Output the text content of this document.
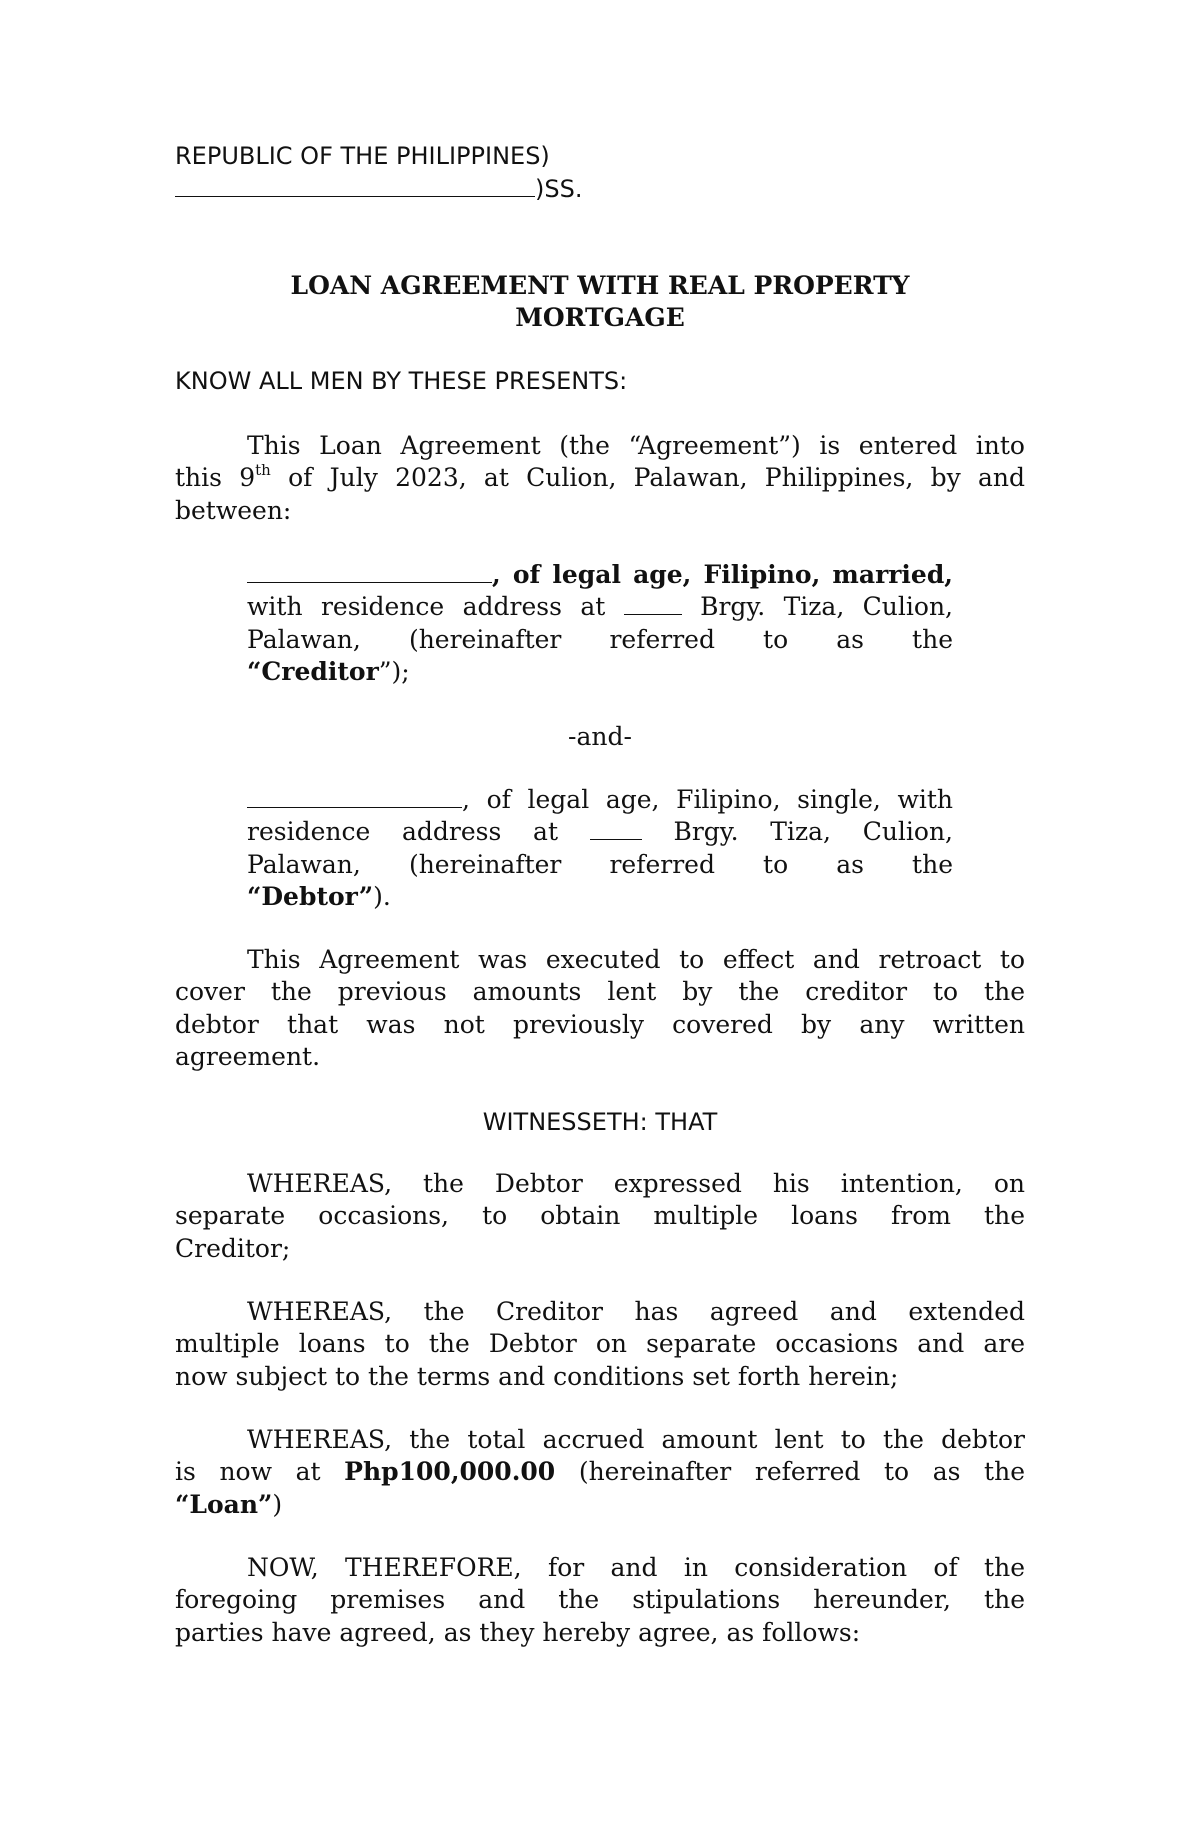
REPUBLIC OF THE PHILIPPINES)
)SS.
LOAN AGREEMENT WITH REAL PROPERTY
MORTGAGE
KNOW ALL MEN BY THESE PRESENTS:

This Loan Agreement (the “Agreement”) is entered into

this 9th of July 2023, at Culion, Palawan, Philippines, by and

between:

, of legal age, Filipino, married,

with residence address at	Brgy. Tiza, Culion,

Palawan, (hereinafter referred to as the

“Creditor”);

-and-

, of legal age, Filipino, single, with

residence address at	Brgy. Tiza, Culion,

Palawan, (hereinafter referred to as the

“Debtor”).

This Agreement was executed to effect and retroact to

cover the previous amounts lent by the creditor to the

debtor that was not previously covered by any written

agreement.

WITNESSETH: THAT

WHEREAS, the Debtor expressed his intention, on

separate occasions, to obtain multiple loans from the

Creditor;

WHEREAS, the Creditor has agreed and extended

multiple loans to the Debtor on separate occasions and are

now subject to the terms and conditions set forth herein;

WHEREAS, the total accrued amount lent to the debtor

is now at Php100,000.00 (hereinafter referred to as the

“Loan”)

NOW, THEREFORE, for and in consideration of the

foregoing premises and the stipulations hereunder, the

parties have agreed, as they hereby agree, as follows:
